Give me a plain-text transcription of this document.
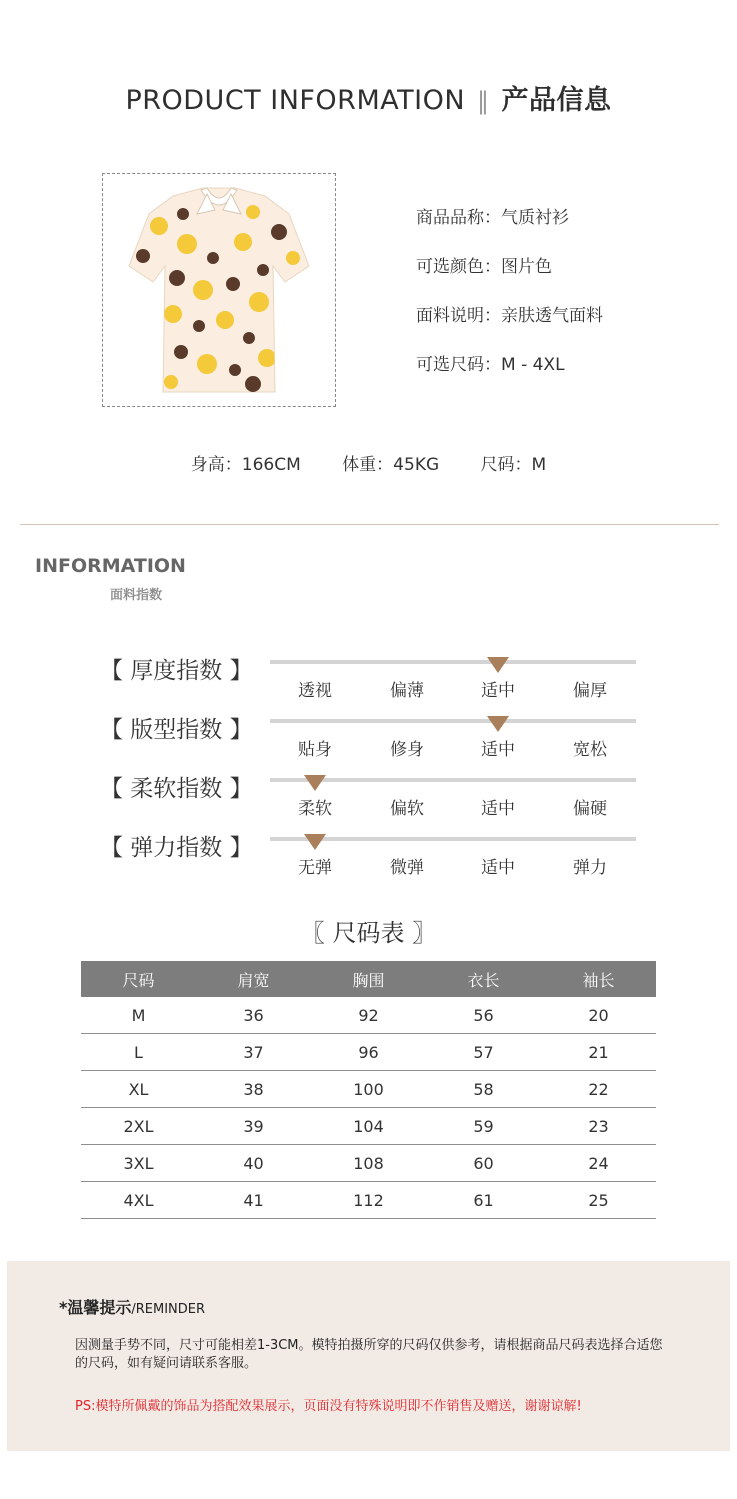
PRODUCT INFORMATION ‖ 产品信息
商品品称：气质衬衫
可选颜色：图片色
面料说明：亲肤透气面料
可选尺码：M - 4XL
身高：166CM 体重：45KG 尺码：M
INFORMATION
面料指数
【 厚度指数 】
透视	偏薄	适中	偏厚
【 版型指数 】
贴身	修身	适中	宽松
【 柔软指数 】
柔软	偏软	适中	偏硬
【 弹力指数 】
无弹	微弹	适中	弹力
〖 尺码表 〗
尺码	肩宽	胸围	衣长	袖长
M	36	92	56	20
L	37	96	57	21
XL	38	100	58	22
2XL	39	104	59	23
3XL	40	108	60	24
4XL	41	112	61	25
*温馨提示/REMINDER
因测量手势不同，尺寸可能相差1-3CM。模特拍摄所穿的尺码仅供参考，请根据商品尺码表选择合适您的尺码，如有疑问请联系客服。
PS:模特所佩戴的饰品为搭配效果展示，页面没有特殊说明即不作销售及赠送，谢谢谅解!
